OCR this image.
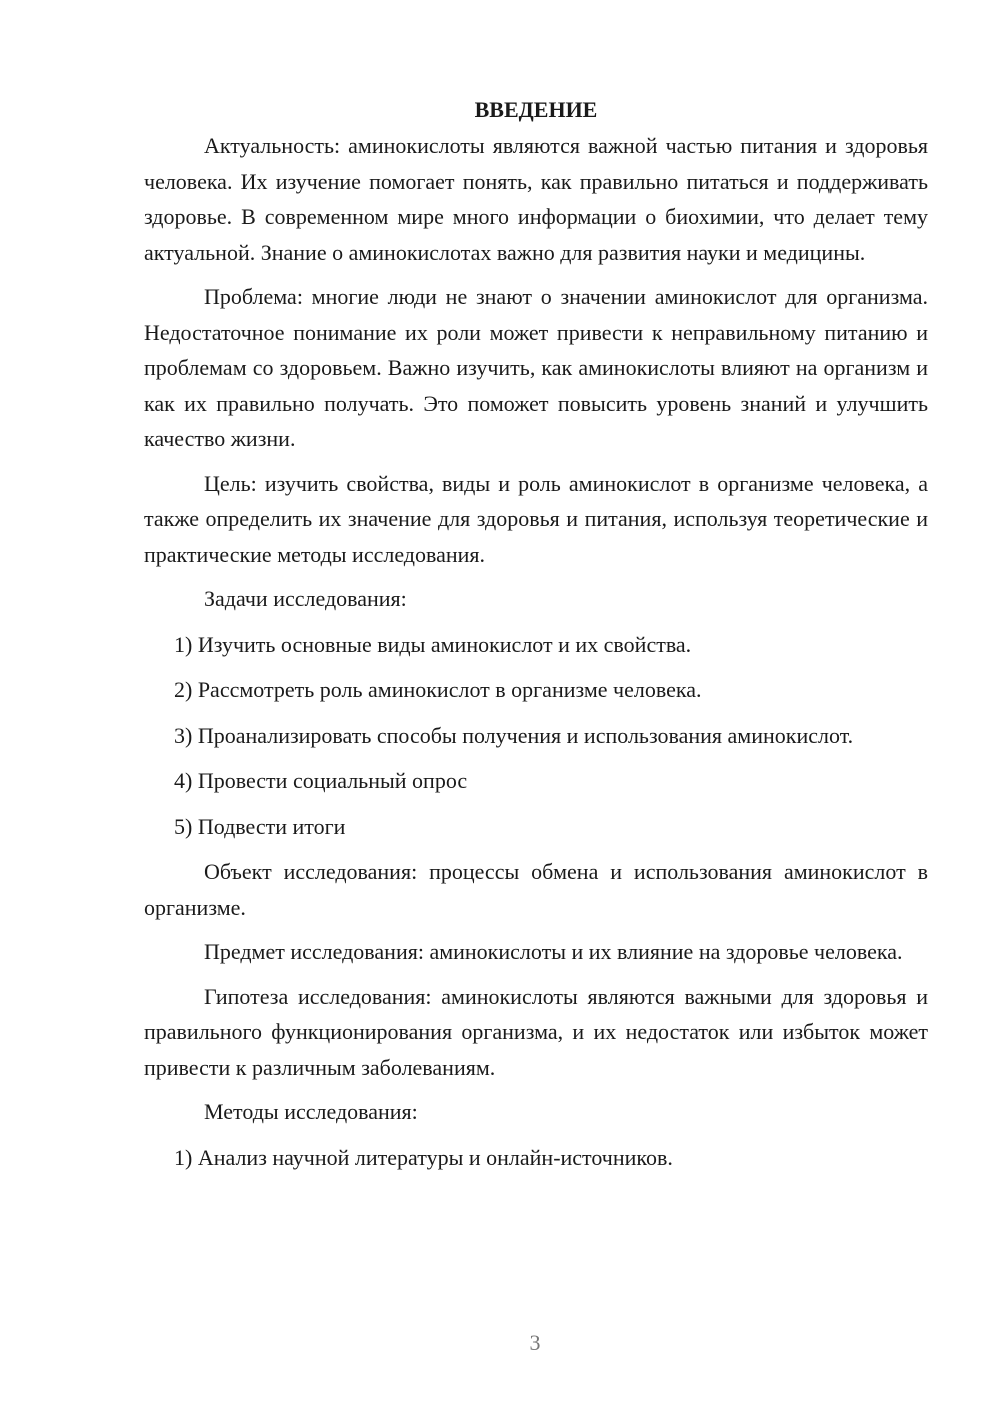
ВВЕДЕНИЕ

Актуальность: аминокислоты являются важной частью питания и здоровья человека. Их изучение помогает понять, как правильно питаться и поддерживать здоровье. В современном мире много информации о биохимии, что делает тему актуальной. Знание о аминокислотах важно для развития науки и медицины.

Проблема: многие люди не знают о значении аминокислот для организма. Недостаточное понимание их роли может привести к неправильному питанию и проблемам со здоровьем. Важно изучить, как аминокислоты влияют на организм и как их правильно получать. Это поможет повысить уровень знаний и улучшить качество жизни.

Цель: изучить свойства, виды и роль аминокислот в организме человека, а также определить их значение для здоровья и питания, используя теоретические и практические методы исследования.

Задачи исследования:

1) Изучить основные виды аминокислот и их свойства.

2) Рассмотреть роль аминокислот в организме человека.

3) Проанализировать способы получения и использования аминокислот.

4) Провести социальный опрос

5) Подвести итоги

Объект исследования: процессы обмена и использования аминокислот в организме.

Предмет исследования: аминокислоты и их влияние на здоровье человека.

Гипотеза исследования: аминокислоты являются важными для здоровья и правильного функционирования организма, и их недостаток или избыток может привести к различным заболеваниям.

Методы исследования:

1) Анализ научной литературы и онлайн-источников.

3
